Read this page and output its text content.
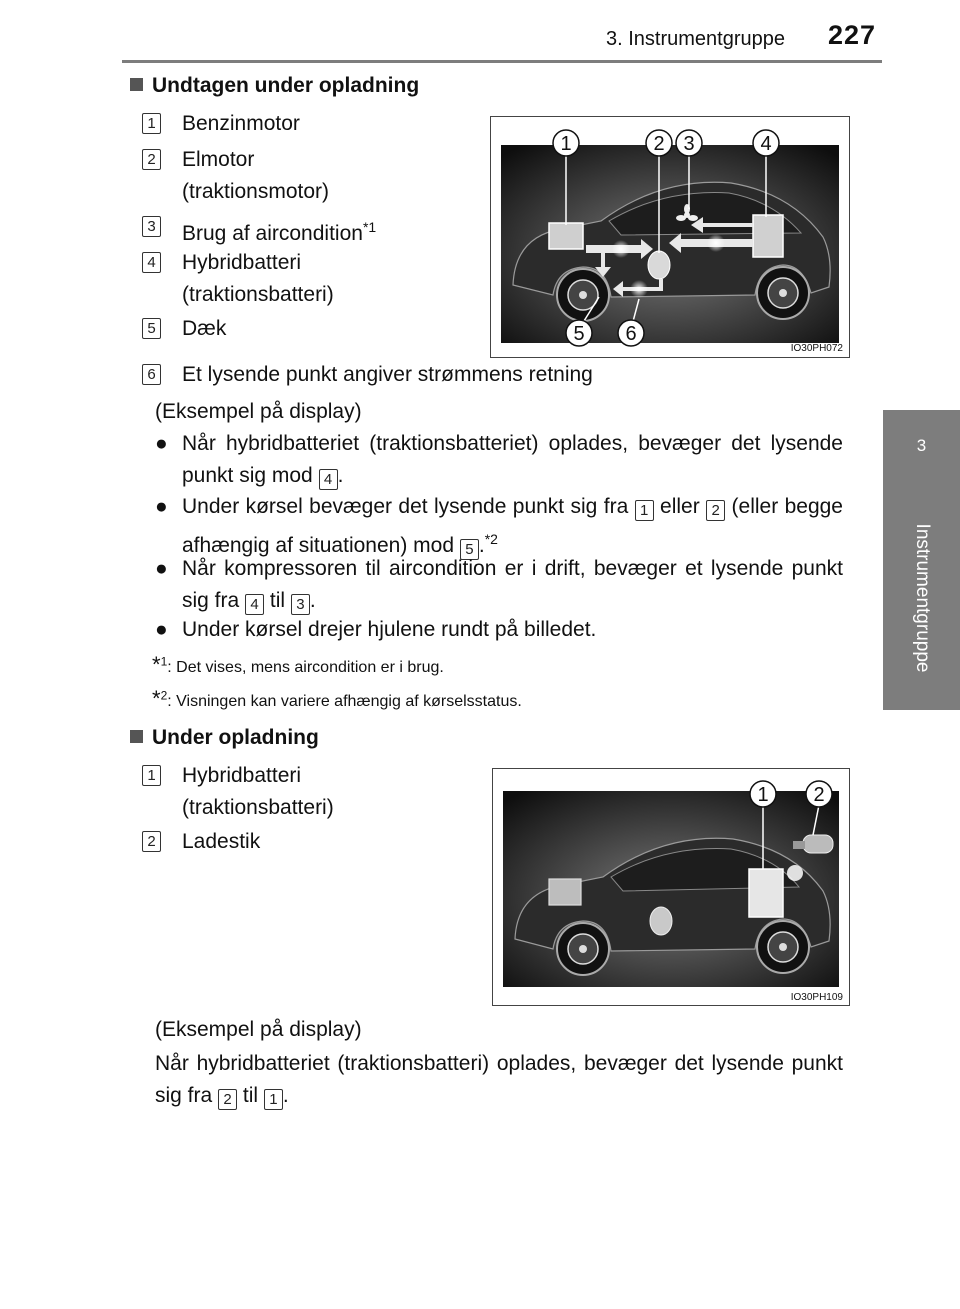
3. Instrumentgruppe 227
3
Instrumentgruppe
Undtagen under opladning
1 Benzinmotor
2 Elmotor
(traktionsmotor)
3 Brug af aircondition$^{*1}$
4 Hybridbatteri
(traktionsbatteri)
5 Dæk
6 Et lysende punkt angiver strømmens retning
1	2 3	4
5 6
IO30PH072
(Eksempel på display)
● Når hybridbatteriet (traktionsbatteriet) oplades, bevæger det lysende punkt sig mod 4 .
● Under kørsel bevæger det lysende punkt sig fra 1 eller 2 (eller begge afhængig af situationen) mod 5 .$^{*2}$
● Når kompressoren til aircondition er i drift, bevæger et lysende punkt sig fra 4 til 3 .
● Under kørsel drejer hjulene rundt på billedet.
*$^1$: Det vises, mens aircondition er i brug.
*$^2$: Visningen kan variere afhængig af kørselsstatus.
Under opladning
1 Hybridbatteri
(traktionsbatteri)
2 Ladestik
1 2
IO30PH109
(Eksempel på display)
Når hybridbatteriet (traktionsbatteri) oplades, bevæger det lysende punkt sig fra 2 til 1 .
